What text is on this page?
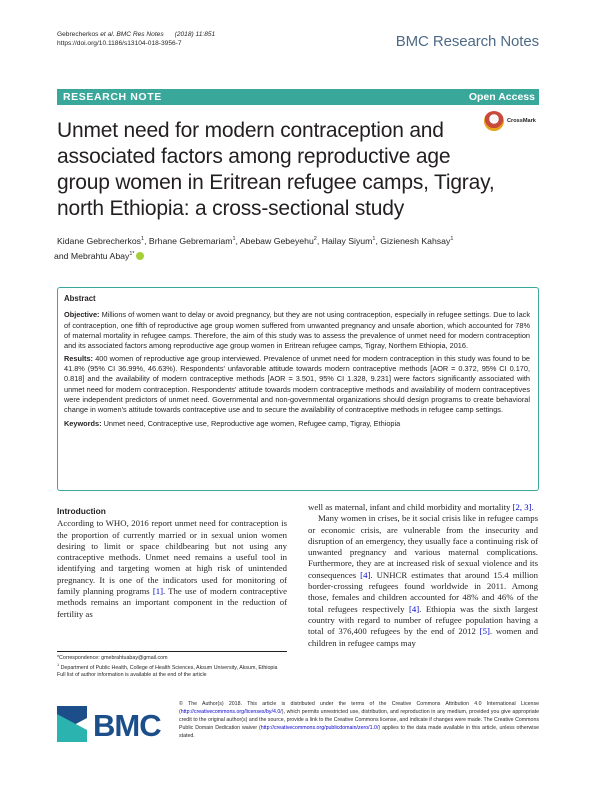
Gebrecherkos et al. BMC Res Notes (2018) 11:851
https://doi.org/10.1186/s13104-018-3956-7	BMC Research Notes
RESEARCH NOTE	Open Access
Unmet need for modern contraception and associated factors among reproductive age group women in Eritrean refugee camps, Tigray, north Ethiopia: a cross-sectional study
CrossMark
Kidane Gebrecherkos$^1$, Brhane Gebremariam$^1$, Abebaw Gebeyehu$^2$, Hailay Siyum$^1$, Gizienesh Kahsay$^1$
and Mebrahtu Abay$^{1*}$
Abstract

Objective: Millions of women want to delay or avoid pregnancy, but they are not using contraception, especially in refugee settings. Due to lack of contraception, one fifth of reproductive age group women suffered from unwanted pregnancy and unsafe abortion, which accounted for 78% of maternal mortality in refugee camps. Therefore, the aim of this study was to assess the prevalence of unmet need for modern contraception and its associated factors among reproductive age group women in Eritrean refugee camps, Tigray, Northern Ethiopia, 2016.

Results: 400 women of reproductive age group interviewed. Prevalence of unmet need for modern contraception in this study was found to be 41.8% (95% CI 36.99%, 46.63%). Respondents' unfavorable attitude towards modern contraceptive methods [AOR = 0.372, 95% CI 0.170, 0.818] and the availability of modern contraceptive methods [AOR = 3.501, 95% CI 1.328, 9.231] were factors significantly associated with unmet need for modern contraception. Respondents' attitude towards modern contraceptive methods and availability of modern contraceptives were independent predictors of unmet need. Governmental and non-governmental organizations should design programs to create behavioral change in women's attitude towards contraceptive use and to secure the availability of contraceptive methods in refugee camp settings.

Keywords: Unmet need, Contraceptive use, Reproductive age women, Refugee camp, Tigray, Ethiopia

Introduction

According to WHO, 2016 report unmet need for contraception is the proportion of currently married or in sexual union women desiring to limit or space childbearing but not using any contraceptive methods. Unmet need remains a useful tool in identifying and targeting women at high risk of unintended pregnancy. It is one of the indicators used for monitoring of family planning programs [1]. The use of modern contraceptive methods remains an important component in the reduction of fertility as

well as maternal, infant and child morbidity and mortality [2, 3].

Many women in crises, be it social crisis like in refugee camps or economic crisis, are vulnerable from the insecurity and disruption of an emergency, they usually face a continuing risk of unwanted pregnancy and various maternal complications. Furthermore, they are at increased risk of sexual violence and its consequences [4]. UNHCR estimates that around 15.4 million border-crossing refugees found worldwide in 2011. Among those, females and children accounted for 48% and 46% of the total refugees respectively [4]. Ethiopia was the sixth largest country with regard to number of refugee population having a total of 376,400 refugees by the end of 2012 [5]. women and children in refugee camps may

*Correspondence: gmebrahtuabay@gmail.com
$^1$ Department of Public Health, College of Health Sciences, Aksum University, Aksum, Ethiopia
Full list of author information is available at the end of the article
BMC
© The Author(s) 2018. This article is distributed under the terms of the Creative Commons Attribution 4.0 International License (http://creativecommons.org/licenses/by/4.0/), which permits unrestricted use, distribution, and reproduction in any medium, provided you give appropriate credit to the original author(s) and the source, provide a link to the Creative Commons license, and indicate if changes were made. The Creative Commons Public Domain Dedication waiver (http://creativecommons.org/publicdomain/zero/1.0/) applies to the data made available in this article, unless otherwise stated.
